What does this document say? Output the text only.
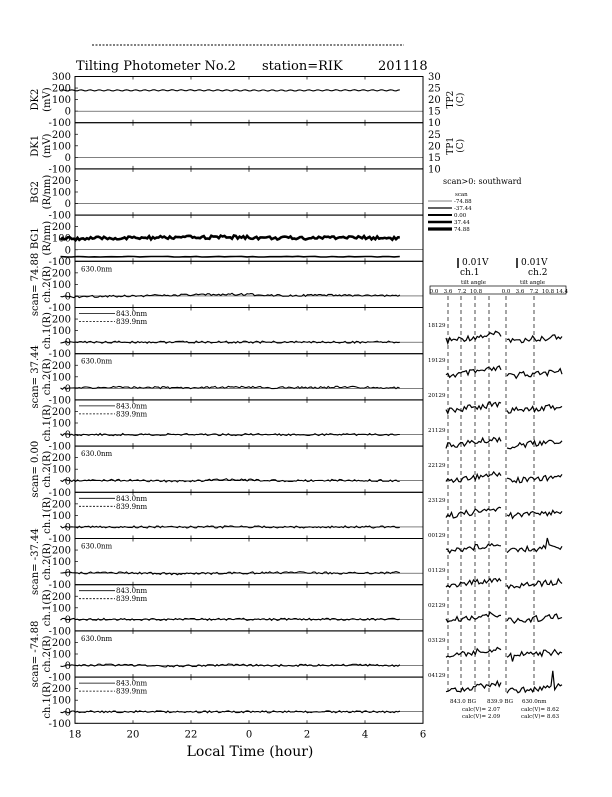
Tilting Photometer No.2 station=RIK	201118
Local Time (hour)
scan>0: southward
scan
-74.88
-37.44
0.00
37.44
74.88
0.01V
ch.1
0.01V
ch.2
tilt angle	tilt angle
843.0 BG 839.9 BG 630.0nm
calc(V)= 2.07
calc(V)= 2.09
calc(V)= 8.62
calc(V)= 8.63
300
200
100
0
-100
DK2 (mV)
30
25
20
15
10
TP2 (C)
200
100
0
-100
DK1 (mV)	25
20
15
10
TP1 (C)
200
100
0
-100
BG2 (R/nm)
200
100
0
-100
BG1 (R/nm)
200
100
0
-100
scan= 74.88 ch.2(R)	630.0nm
200
100
0
-100
ch.1(R)	843.0nm
839.9nm
200
100
0
-100
scan= 37.44 ch.2(R)	630.0nm
200
100
0
-100
ch.1(R)	843.0nm
839.9nm
200
100
0
-100
scan= 0.00 ch.2(R)	630.0nm
200
100
0
-100
ch.1(R)	843.0nm
839.9nm
200
100
0
-100
scan= -37.44 ch.2(R)	630.0nm
200
100
0
-100
ch.1(R)	843.0nm
839.9nm
200
100
0
-100
scan= -74.88 ch.2(R)	630.0nm
200
100
0
-100
ch.1(R)	843.0nm
839.9nm
18	20	22	0	2	4	6
0.0 3.6 7.2 10.8	0.0 3.6 7.2 10.8 14.4
18129
19129
20129
21129
22129
23129
00129
01129
02129
03129
04129
